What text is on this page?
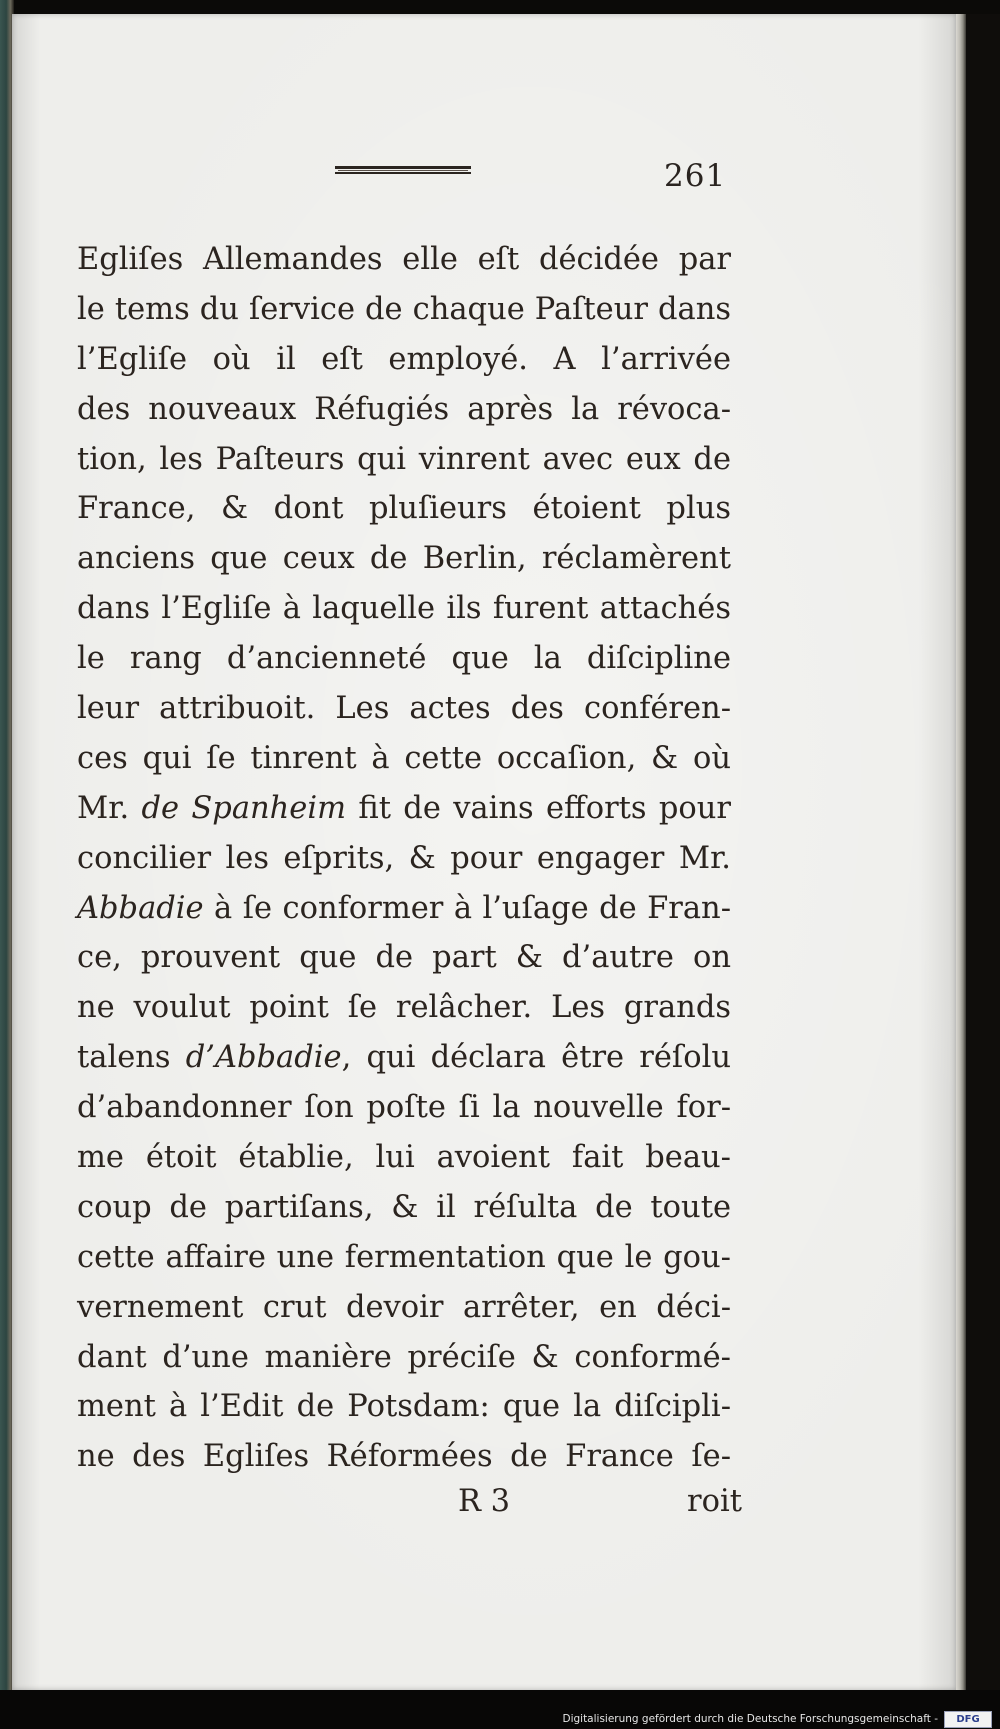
261
Egliſes Allemandes elle eſt décidée par
le tems du ſervice de chaque Paſteur dans
l’Egliſe où il eſt employé. A l’arrivée
des nouveaux Réfugiés après la révoca-
tion, les Paſteurs qui vinrent avec eux de
France, & dont pluſieurs étoient plus
anciens que ceux de Berlin, réclamèrent
dans l’Egliſe à laquelle ils furent attachés
le rang d’ancienneté que la diſcipline
leur attribuoit. Les actes des conféren-
ces qui ſe tinrent à cette occaſion, & où
Mr. de Spanheim fit de vains efforts pour
concilier les eſprits, & pour engager Mr.
Abbadie à ſe conformer à l’uſage de Fran-
ce, prouvent que de part & d’autre on
ne voulut point ſe relâcher. Les grands
talens d’Abbadie, qui déclara être réſolu
d’abandonner ſon poſte ſi la nouvelle for-
me étoit établie, lui avoient fait beau-
coup de partiſans, & il réſulta de toute
cette affaire une fermentation que le gou-
vernement crut devoir arrêter, en déci-
dant d’une manière préciſe & conformé-
ment à l’Edit de Potsdam: que la diſcipli-
ne des Egliſes Réformées de France ſe-
R 3	roit
Digitalisierung gefördert durch die Deutsche Forschungsgemeinschaft -	DFG
